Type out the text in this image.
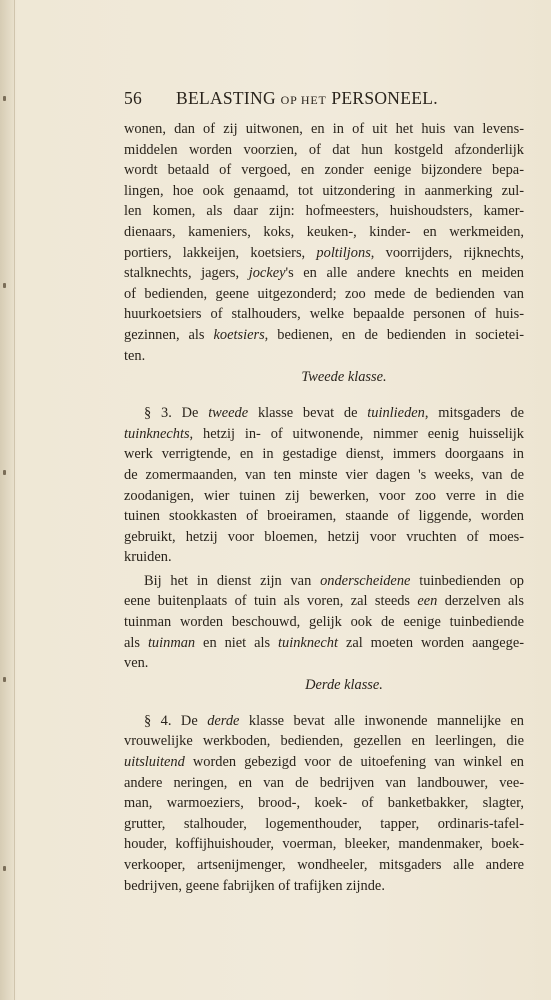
56 BELASTING OP HET PERSONEEL.
wonen, dan of zij uitwonen, en in of uit het huis van levens-
middelen worden voorzien, of dat hun kostgeld afzonderlijk
wordt betaald of vergoed, en zonder eenige bijzondere bepa-
lingen, hoe ook genaamd, tot uitzondering in aanmerking zul-
len komen, als daar zijn: hofmeesters, huishoudsters, kamer-
dienaars, kameniers, koks, keuken-, kinder- en werkmeiden,
portiers, lakkeijen, koetsiers, poltiljons, voorrijders, rijknechts,
stalknechts, jagers, jockey's en alle andere knechts en meiden
of bedienden, geene uitgezonderd; zoo mede de bedienden van
huurkoetsiers of stalhouders, welke bepaalde personen of huis-
gezinnen, als koetsiers, bedienen, en de bedienden in societei-
ten.
Tweede klasse.
§ 3. De tweede klasse bevat de tuinlieden, mitsgaders de
tuinknechts, hetzij in- of uitwonende, nimmer eenig huisselijk
werk verrigtende, en in gestadige dienst, immers doorgaans in
de zomermaanden, van ten minste vier dagen 's weeks, van de
zoodanigen, wier tuinen zij bewerken, voor zoo verre in die
tuinen stookkasten of broeiramen, staande of liggende, worden
gebruikt, hetzij voor bloemen, hetzij voor vruchten of moes-
kruiden.
Bij het in dienst zijn van onderscheidene tuinbedienden op
eene buitenplaats of tuin als voren, zal steeds een derzelven als
tuinman worden beschouwd, gelijk ook de eenige tuinbediende
als tuinman en niet als tuinknecht zal moeten worden aangege-
ven.
Derde klasse.
§ 4. De derde klasse bevat alle inwonende mannelijke en
vrouwelijke werkboden, bedienden, gezellen en leerlingen, die
uitsluitend worden gebezigd voor de uitoefening van winkel en
andere neringen, en van de bedrijven van landbouwer, vee-
man, warmoeziers, brood-, koek- of banketbakker, slagter,
grutter, stalhouder, logementhouder, tapper, ordinaris-tafel-
houder, koffijhuishouder, voerman, bleeker, mandenmaker, boek-
verkooper, artsenijmenger, wondheeler, mitsgaders alle andere
bedrijven, geene fabrijken of trafijken zijnde.
